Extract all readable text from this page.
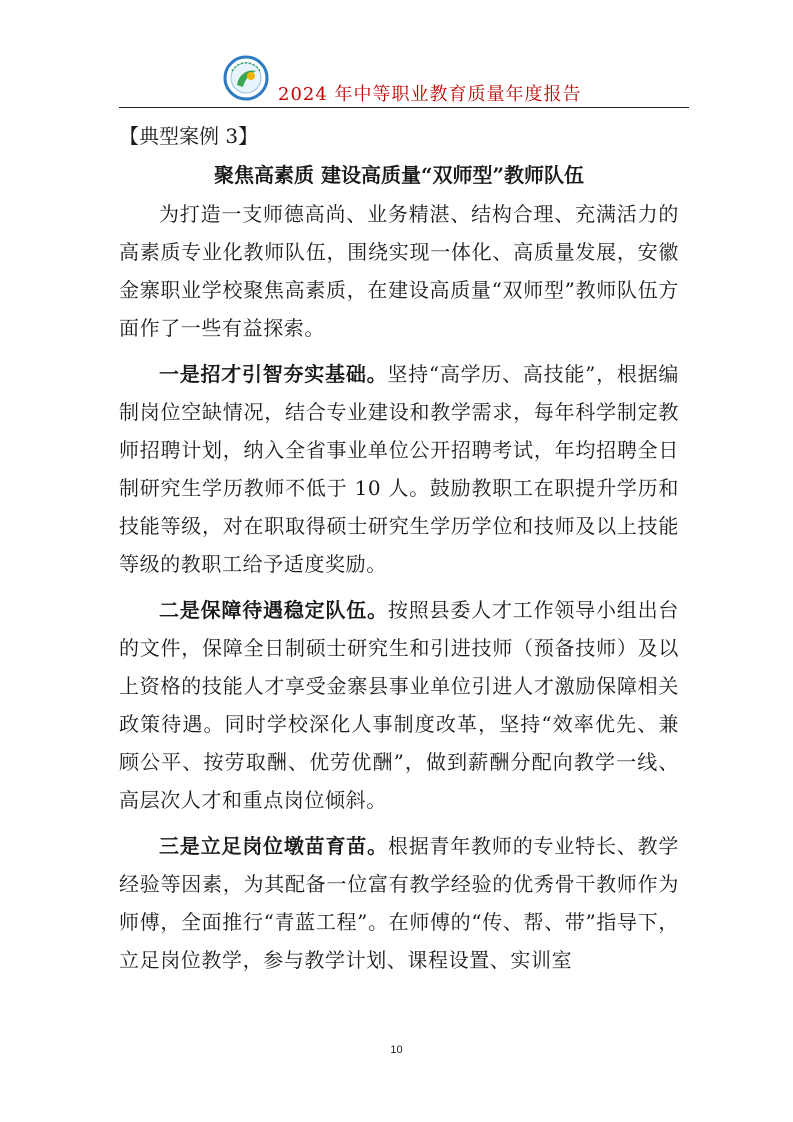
2024 年中等职业教育质量年度报告

【典型案例 3】

聚焦高素质 建设高质量“双师型”教师队伍

为打造一支师德高尚、业务精湛、结构合理、充满活力的高素质专业化教师队伍，围绕实现一体化、高质量发展，安徽金寨职业学校聚焦高素质，在建设高质量“双师型”教师队伍方面作了一些有益探索。

一是招才引智夯实基础。坚持“高学历、高技能”，根据编制岗位空缺情况，结合专业建设和教学需求，每年科学制定教师招聘计划，纳入全省事业单位公开招聘考试，年均招聘全日制研究生学历教师不低于 10 人。鼓励教职工在职提升学历和技能等级，对在职取得硕士研究生学历学位和技师及以上技能等级的教职工给予适度奖励。

二是保障待遇稳定队伍。按照县委人才工作领导小组出台的文件，保障全日制硕士研究生和引进技师（预备技师）及以上资格的技能人才享受金寨县事业单位引进人才激励保障相关政策待遇。同时学校深化人事制度改革，坚持“效率优先、兼顾公平、按劳取酬、优劳优酬”，做到薪酬分配向教学一线、高层次人才和重点岗位倾斜。

三是立足岗位墩苗育苗。根据青年教师的专业特长、教学经验等因素，为其配备一位富有教学经验的优秀骨干教师作为师傅，全面推行“青蓝工程”。在师傅的“传、帮、带”指导下，立足岗位教学，参与教学计划、课程设置、实训室

10
